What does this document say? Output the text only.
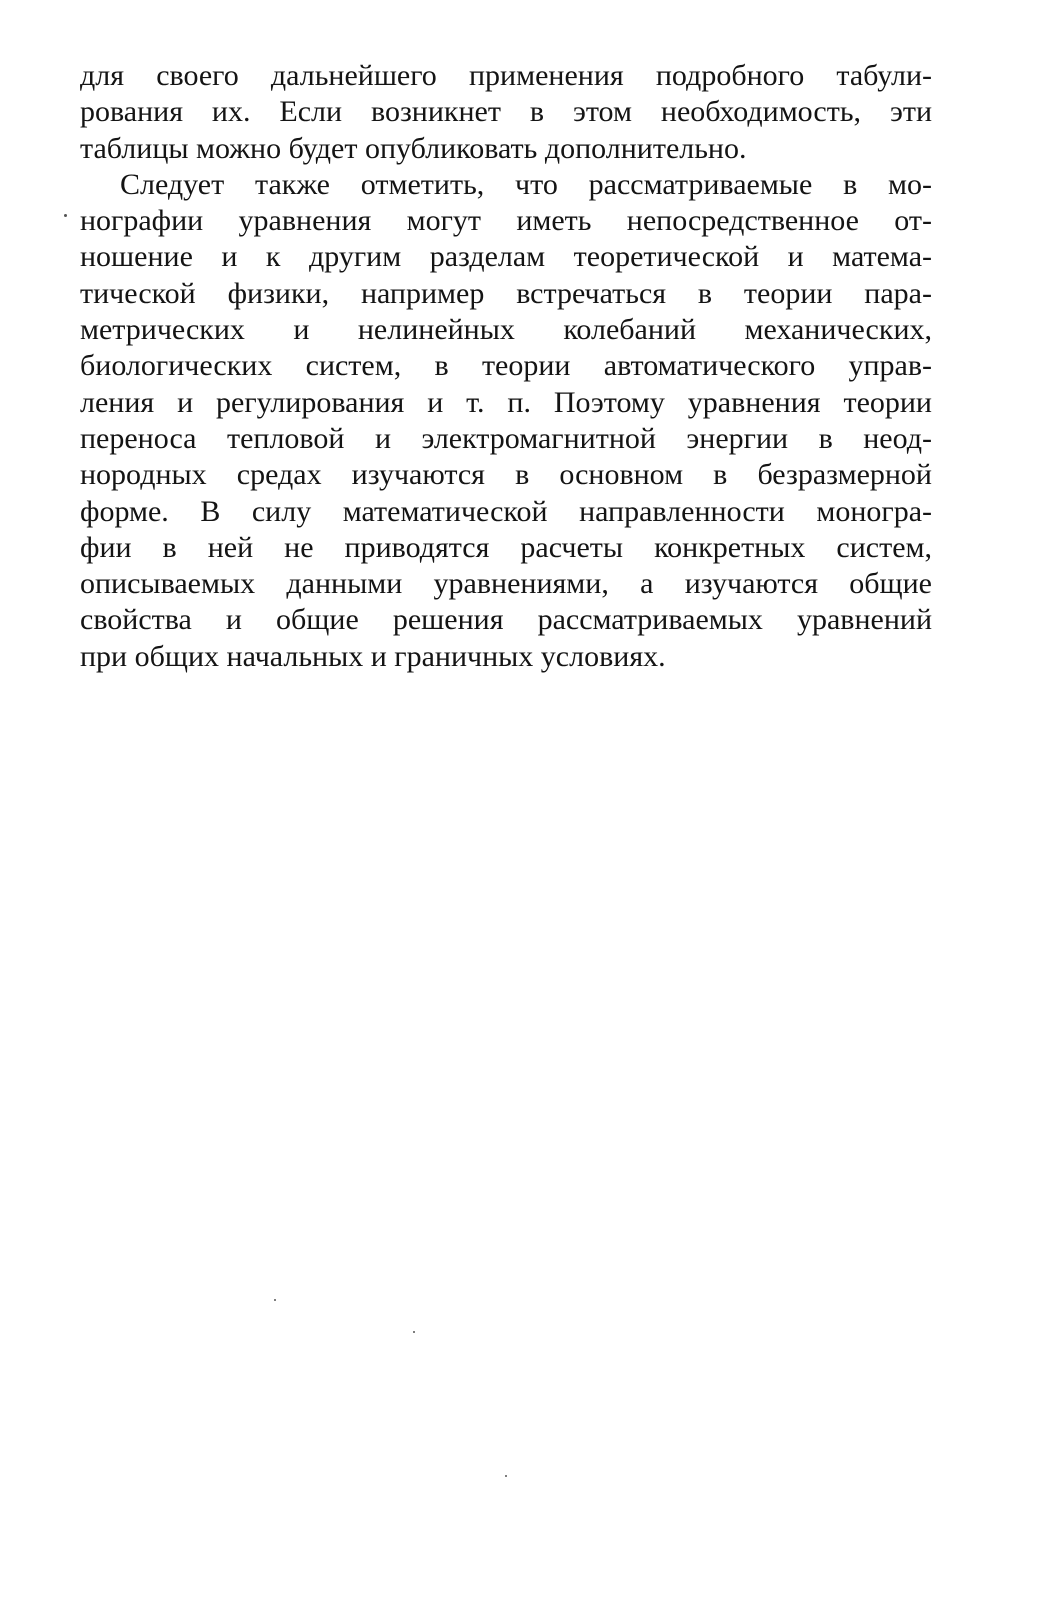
для своего дальнейшего применения подробного табули-
рования их. Если возникнет в этом необходимость, эти
таблицы можно будет опубликовать дополнительно.
Следует также отметить, что рассматриваемые в мо-
нографии уравнения могут иметь непосредственное от-
ношение и к другим разделам теоретической и матема-
тической физики, например встречаться в теории пара-
метрических и нелинейных колебаний механических,
биологических систем, в теории автоматического управ-
ления и регулирования и т. п. Поэтому уравнения теории
переноса тепловой и электромагнитной энергии в неод-
нородных средах изучаются в основном в безразмерной
форме. В силу математической направленности моногра-
фии в ней не приводятся расчеты конкретных систем,
описываемых данными уравнениями, а изучаются общие
свойства и общие решения рассматриваемых уравнений
при общих начальных и граничных условиях.
